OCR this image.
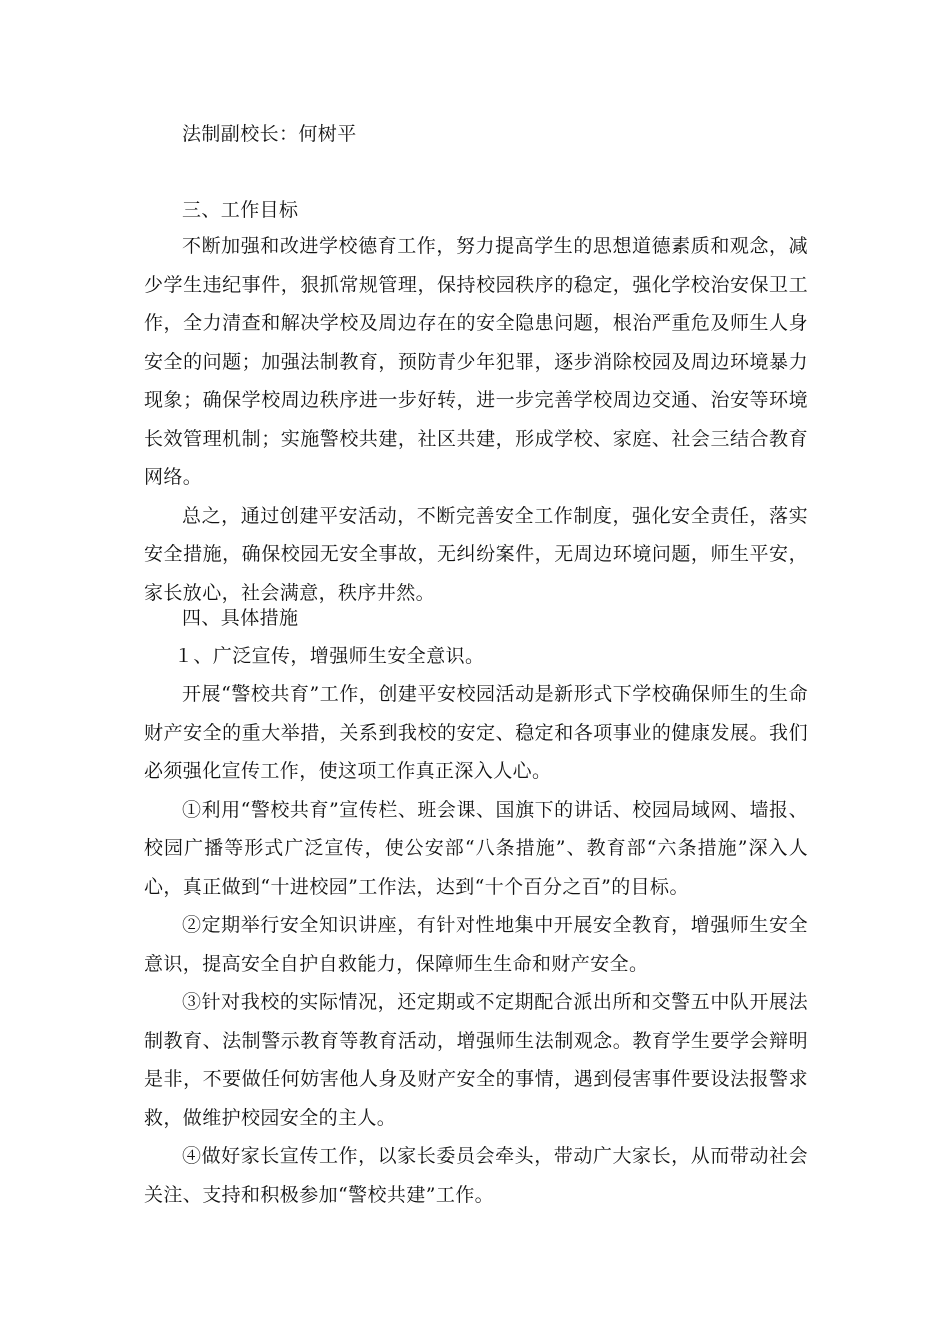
法制副校长：何树平

三、工作目标

不断加强和改进学校德育工作，努力提高学生的思想道德素质和观念，减少学生违纪事件，狠抓常规管理，保持校园秩序的稳定，强化学校治安保卫工作，全力清查和解决学校及周边存在的安全隐患问题，根治严重危及师生人身安全的问题；加强法制教育，预防青少年犯罪，逐步消除校园及周边环境暴力现象；确保学校周边秩序进一步好转，进一步完善学校周边交通、治安等环境长效管理机制；实施警校共建，社区共建，形成学校、家庭、社会三结合教育网络。

总之，通过创建平安活动，不断完善安全工作制度，强化安全责任，落实安全措施，确保校园无安全事故，无纠纷案件，无周边环境问题，师生平安，家长放心，社会满意，秩序井然。

四、具体措施

１、广泛宣传，增强师生安全意识。

开展“警校共育”工作，创建平安校园活动是新形式下学校确保师生的生命财产安全的重大举措，关系到我校的安定、稳定和各项事业的健康发展。我们必须强化宣传工作，使这项工作真正深入人心。

①利用“警校共育”宣传栏、班会课、国旗下的讲话、校园局域网、墙报、校园广播等形式广泛宣传，使公安部“八条措施”、教育部“六条措施”深入人心，真正做到“十进校园”工作法，达到“十个百分之百”的目标。

②定期举行安全知识讲座，有针对性地集中开展安全教育，增强师生安全意识，提高安全自护自救能力，保障师生生命和财产安全。

③针对我校的实际情况，还定期或不定期配合派出所和交警五中队开展法制教育、法制警示教育等教育活动，增强师生法制观念。教育学生要学会辩明是非，不要做任何妨害他人身及财产安全的事情，遇到侵害事件要设法报警求救，做维护校园安全的主人。

④做好家长宣传工作，以家长委员会牵头，带动广大家长，从而带动社会关注、支持和积极参加“警校共建”工作。
